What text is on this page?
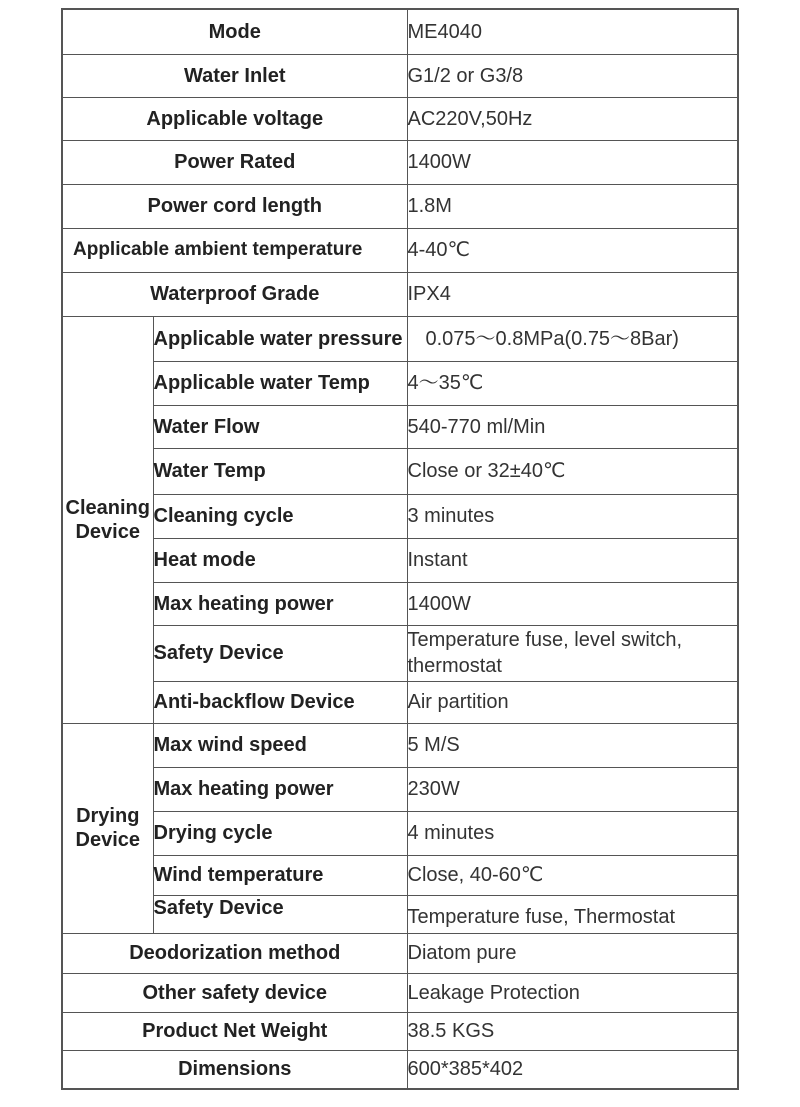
Mode		ME4040
Water Inlet		G1/2 or G3/8
Applicable voltage		AC220V,50Hz
Power Rated		1400W
Power cord length		1.8M
Applicable ambient temperature		4-40℃
Waterproof Grade		IPX4

Cleaning
Device	Applicable water pressure	0.075～0.8MPa(0.75～8Bar)
	Applicable water Temp	4～35℃
	Water Flow	540-770 ml/Min
	Water Temp	Close or 32±40℃
	Cleaning cycle	3 minutes
	Heat mode	Instant
	Max heating power	1400W
	Safety Device	Temperature fuse, level switch, thermostat
	Anti-backflow Device	Air partition

Drying
Device	Max wind speed	5 M/S
	Max heating power	230W
	Drying cycle	4 minutes
	Wind temperature	Close, 40-60℃
	Safety Device	Temperature fuse, Thermostat
Deodorization method		Diatom pure
Other safety device		Leakage Protection
Product Net Weight		38.5 KGS
Dimensions		600*385*402
